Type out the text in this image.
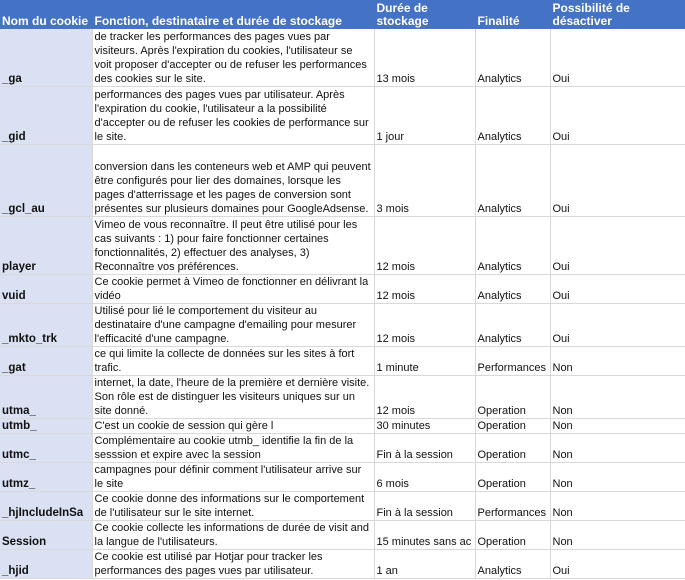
Nom du cookie	Fonction, destinataire et durée de stockage	Durée de stockage	Finalité	Possibilité de désactiver
_ga	de tracker les performances des pages vues par visiteurs. Après l'expiration du cookies, l'utilisateur se voit proposer d'accepter ou de refuser les performances des cookies sur le site.	13 mois	Analytics	Oui
_gid	performances des pages vues par utilisateur. Après l'expiration du cookie, l'utilisateur a la possibilité d'accepter ou de refuser les cookies de performance sur le site.	1 jour	Analytics	Oui
_gcl_au	conversion dans les conteneurs web et AMP qui peuvent être configurés pour lier des domaines, lorsque les pages d'atterrissage et les pages de conversion sont présentes sur plusieurs domaines pour GoogleAdsense.	3 mois	Analytics	Oui
player	Vimeo de vous reconnaître. Il peut être utilisé pour les cas suivants : 1) pour faire fonctionner certaines fonctionnalités, 2) effectuer des analyses, 3) Reconnaître vos préférences.	12 mois	Analytics	Oui
vuid	Ce cookie permet à Vimeo de fonctionner en délivrant la vidéo	12 mois	Analytics	Oui
_mkto_trk	Utilisé pour lié le comportement du visiteur au destinataire d'une campagne d'emailing pour mesurer l'efficacité d'une campagne.	12 mois	Analytics	Oui
_gat	ce qui limite la collecte de données sur les sites à fort trafic.	1 minute	Performances	Non
utma_	internet, la date, l'heure de la première et dernière visite. Son rôle est de distinguer les visiteurs uniques sur un site donné.	12 mois	Operation	Non
utmb_	C'est un cookie de session qui gère l	30 minutes	Operation	Non
utmc_	Complémentaire au cookie utmb_ identifie la fin de la sesssion et expire avec la session	Fin à la session	Operation	Non
utmz_	campagnes pour définir comment l'utilisateur arrive sur le site	6 mois	Operation	Non
_hjIncludeInSa	Ce cookie donne des informations sur le comportement de l'utilisateur sur le site internet.	Fin à la session	Performances	Non
Session	Ce cookie collecte les informations de durée de visit and la langue de l'utilisateurs.	15 minutes sans ac	Operation	Non
_hjid	Ce cookie est utilisé par Hotjar pour tracker les performances des pages vues par utilisateur.	1 an	Analytics	Oui
